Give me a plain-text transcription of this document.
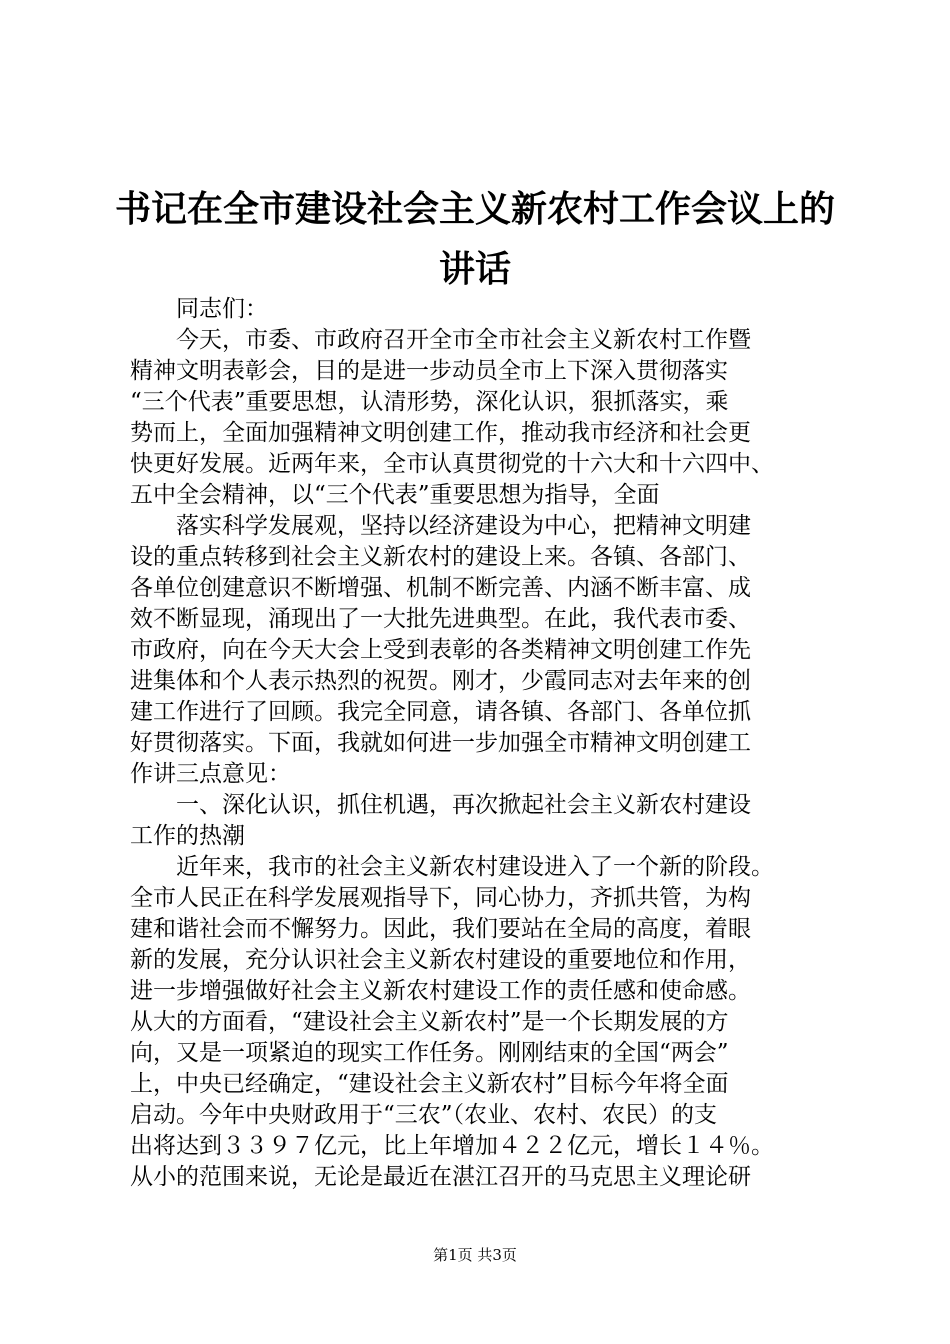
书记在全市建设社会主义新农村工作会议上的
讲话

　　同志们：

　　今天，市委、市政府召开全市全市社会主义新农村工作暨

精神文明表彰会，目的是进一步动员全市上下深入贯彻落实

“三个代表”重要思想，认清形势，深化认识，狠抓落实，乘

势而上，全面加强精神文明创建工作，推动我市经济和社会更

快更好发展。近两年来，全市认真贯彻党的十六大和十六四中、

五中全会精神，以“三个代表”重要思想为指导，全面

　　落实科学发展观，坚持以经济建设为中心，把精神文明建

设的重点转移到社会主义新农村的建设上来。各镇、各部门、

各单位创建意识不断增强、机制不断完善、内涵不断丰富、成

效不断显现，涌现出了一大批先进典型。在此，我代表市委、

市政府，向在今天大会上受到表彰的各类精神文明创建工作先

进集体和个人表示热烈的祝贺。刚才，少霞同志对去年来的创

建工作进行了回顾。我完全同意，请各镇、各部门、各单位抓

好贯彻落实。下面，我就如何进一步加强全市精神文明创建工

作讲三点意见：

　　一、深化认识，抓住机遇，再次掀起社会主义新农村建设

工作的热潮

　　近年来，我市的社会主义新农村建设进入了一个新的阶段。

全市人民正在科学发展观指导下，同心协力，齐抓共管，为构

建和谐社会而不懈努力。因此，我们要站在全局的高度，着眼

新的发展，充分认识社会主义新农村建设的重要地位和作用，

进一步增强做好社会主义新农村建设工作的责任感和使命感。

从大的方面看，“建设社会主义新农村”是一个长期发展的方

向，又是一项紧迫的现实工作任务。刚刚结束的全国“两会”

上，中央已经确定，“建设社会主义新农村”目标今年将全面

启动。今年中央财政用于“三农”（农业、农村、农民）的支

出将达到３３９７亿元，比上年增加４２２亿元，增长１４％。

从小的范围来说，无论是最近在湛江召开的马克思主义理论研

第1页 共3页
